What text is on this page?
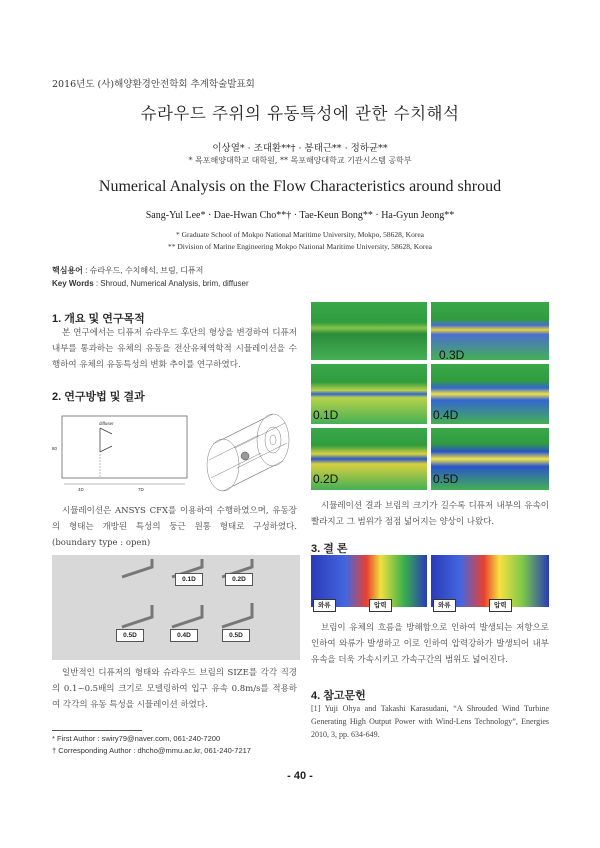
2016년도 (사)해양환경안전학회 추계학술발표회
슈라우드 주위의 유동특성에 관한 수치해석
이상열* · 조대환**† · 봉태근** · 정하균**
* 목포해양대학교 대학원, ** 목포해양대학교 기관시스템 공학부
Numerical Analysis on the Flow Characteristics around shroud
Sang-Yul Lee* · Dae-Hwan Cho**† · Tae-Keun Bong** · Ha-Gyun Jeong**
* Graduate School of Mokpo National Maritime University, Mokpo, 58628, Korea
** Division of Marine Engineering Mokpo National Maritime University, 58628, Korea
핵심용어 : 슈라우드, 수치해석, 브림, 디퓨저
Key Words : Shroud, Numerical Analysis, brim, diffuser
1. 개요 및 연구목적
본 연구에서는 디퓨저 슈라우드 후단의 형상을 변경하여 디퓨저 내부를 통과하는 유체의 유동을 전산유체역학적 시뮬레이션을 수행하여 유체의 유동특성의 변화 추이를 연구하였다.
2. 연구방법 및 결과
diffuser
80
4D	7D
시뮬레이션은 ANSYS CFX를 이용하여 수행하였으며, 유동장의 형태는 개방된 특성의 둥근 원통 형태로 구성하였다.(boundary type : open)
0.1D	0.2D
0.5D	0.4D	0.5D
일반적인 디퓨저의 형태와 슈라우드 브림의 SIZE를 각각 직경의 0.1~0.5배의 크기로 모델링하여 입구 유속 0.8m/s를 적용하여 각각의 유동 특성을 시뮬레이션 하였다.
* First Author : swiry79@naver.com, 061-240-7200
† Corresponding Author : dhcho@mmu.ac.kr, 061-240-7217
0.3D
0.1D	0.4D
0.2D	0.5D
시뮬레이션 결과 브림의 크기가 길수록 디퓨저 내부의 유속이 빨라지고 그 범위가 점점 넓어지는 양상이 나왔다.
3. 결 론
와류	압력	와류	압력
브림이 유체의 흐름을 방해함으로 인하여 발생되는 저항으로 인하여 와류가 발생하고 이로 인하여 압력강하가 발생되어 내부유속을 더욱 가속시키고 가속구간의 범위도 넓어진다.
4. 참고문헌
[1] Yuji Ohya and Takashi Karasudani, “A Shrouded Wind Turbine Generating High Output Power with Wind-Lens Technology”, Energies 2010, 3, pp. 634-649.
- 40 -
